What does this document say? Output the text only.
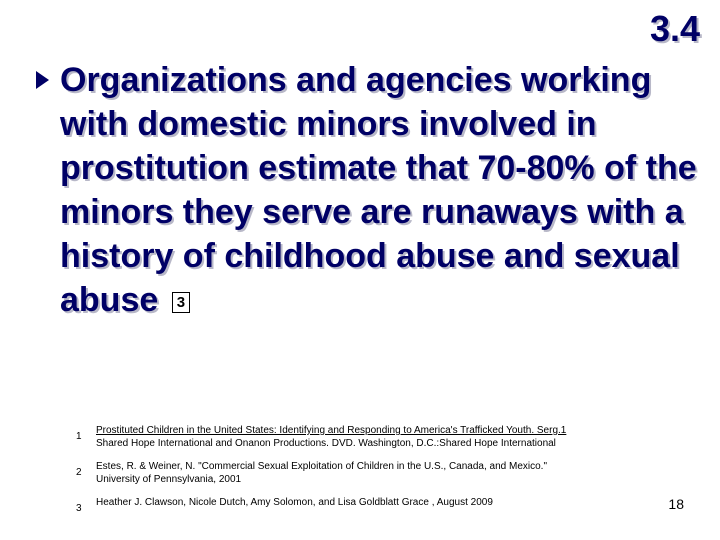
3.4
Organizations and agencies working with domestic minors involved in prostitution estimate that 70-80% of the minors they serve are runaways with a history of childhood abuse and sexual abuse 3
1
Prostituted Children in the United States: Identifying and Responding to America's Trafficked Youth. Serg.1
Shared Hope International and Onanon Productions. DVD. Washington, D.C.:Shared Hope International
2
Estes, R. & Weiner, N. "Commercial Sexual Exploitation of Children in the U.S., Canada, and Mexico."
University of Pennsylvania, 2001
3
Heather J. Clawson, Nicole Dutch, Amy Solomon, and Lisa Goldblatt Grace , August 2009	18
